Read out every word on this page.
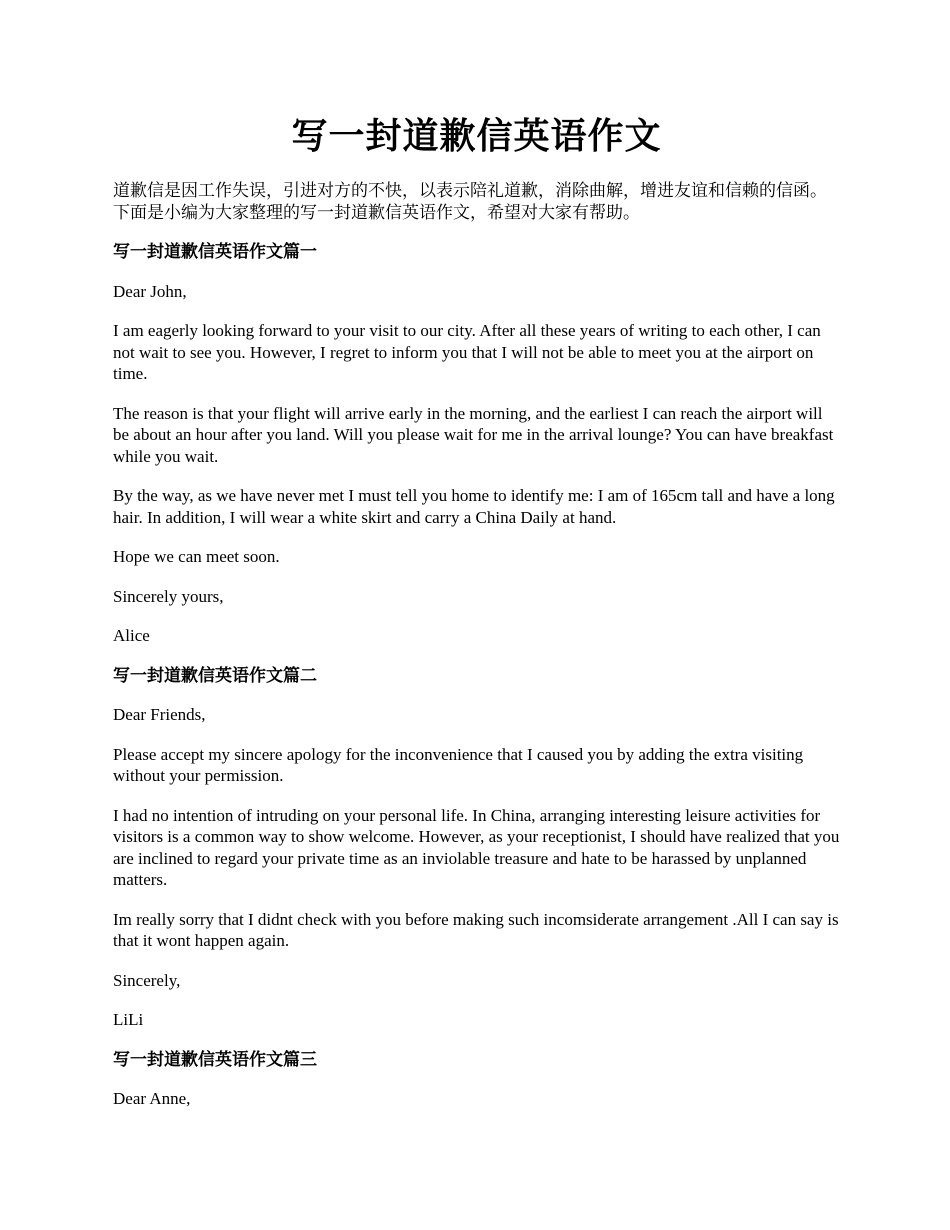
写一封道歉信英语作文

道歉信是因工作失误，引进对方的不快，以表示陪礼道歉，消除曲解，增进友谊和信赖的信函。下面是小编为大家整理的写一封道歉信英语作文，希望对大家有帮助。

写一封道歉信英语作文篇一

Dear John,

I am eagerly looking forward to your visit to our city. After all these years of writing to each other, I can not wait to see you. However, I regret to inform you that I will not be able to meet you at the airport on time.

The reason is that your flight will arrive early in the morning, and the earliest I can reach the airport will be about an hour after you land. Will you please wait for me in the arrival lounge? You can have breakfast while you wait.

By the way, as we have never met I must tell you home to identify me: I am of 165cm tall and have a long hair. In addition, I will wear a white skirt and carry a China Daily at hand.

Hope we can meet soon.

Sincerely yours,

Alice

写一封道歉信英语作文篇二

Dear Friends,

Please accept my sincere apology for the inconvenience that I caused you by adding the extra visiting without your permission.

I had no intention of intruding on your personal life. In China, arranging interesting leisure activities for visitors is a common way to show welcome. However, as your receptionist, I should have realized that you are inclined to regard your private time as an inviolable treasure and hate to be harassed by unplanned matters.

Im really sorry that I didnt check with you before making such incomsiderate arrangement .All I can say is that it wont happen again.

Sincerely,

LiLi

写一封道歉信英语作文篇三

Dear Anne,
